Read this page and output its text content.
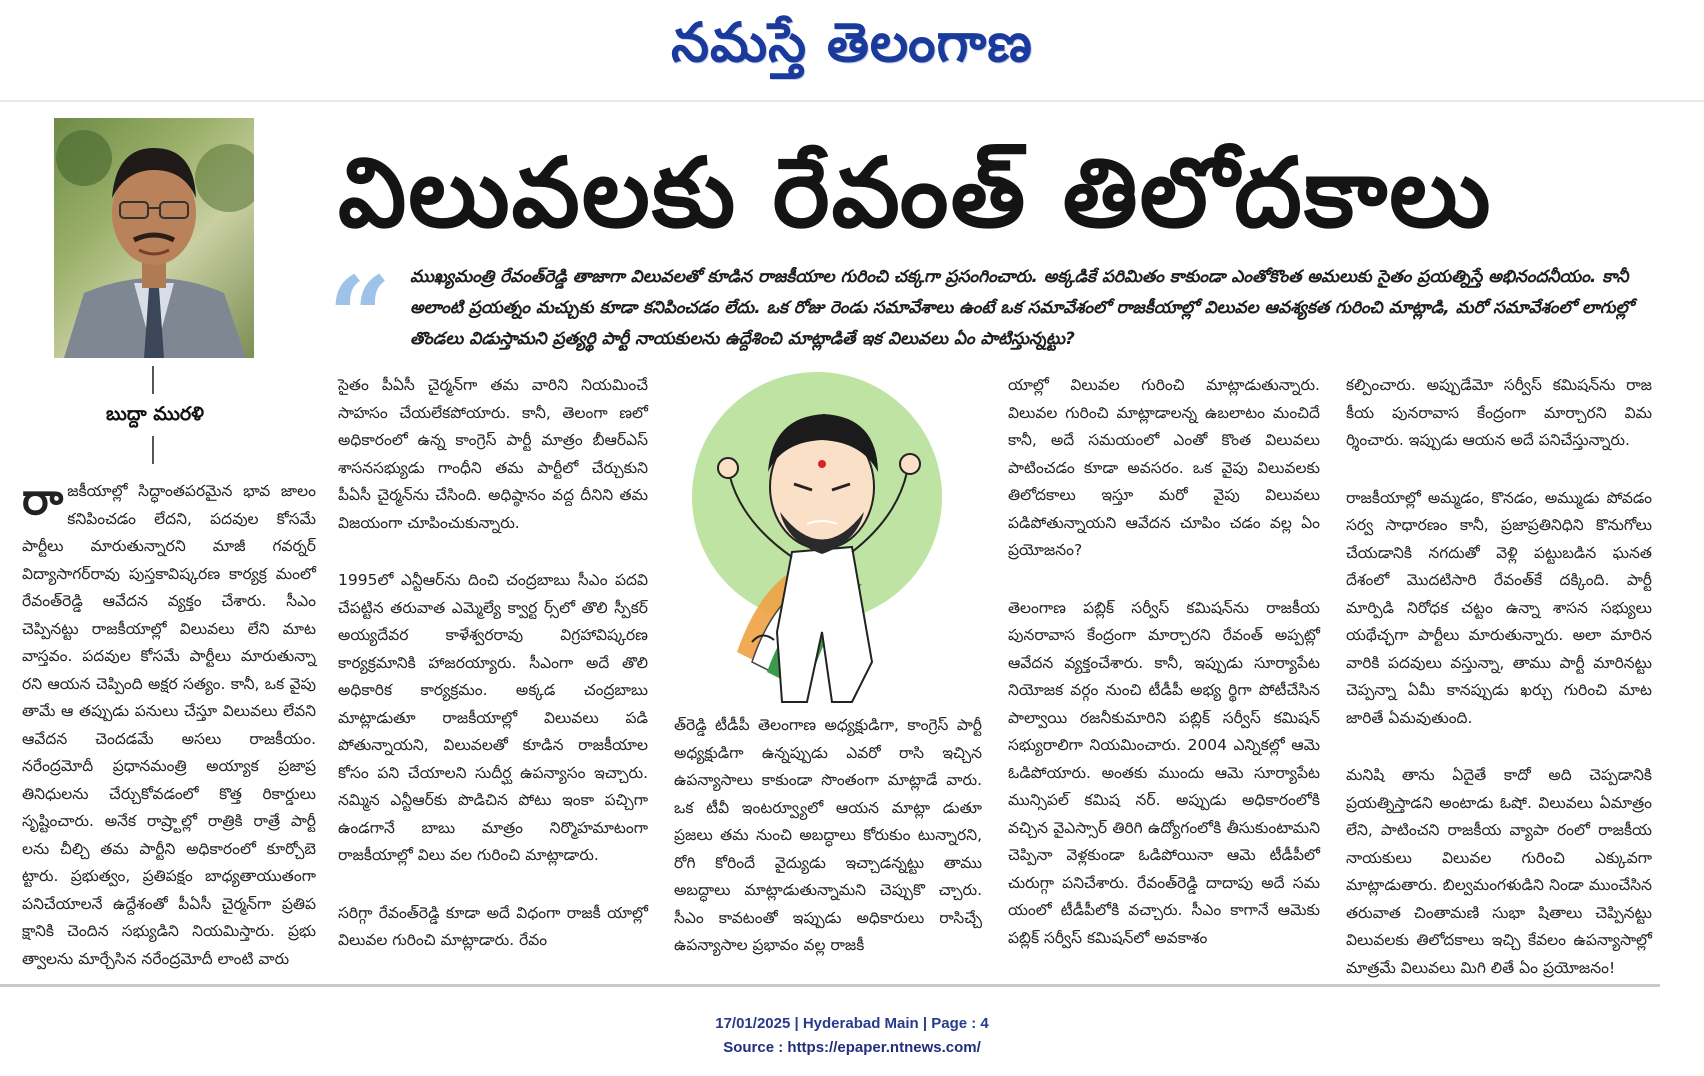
నమస్తే తెలంగాణ
బుద్దా మురళి
విలువలకు రేవంత్ తిలోదకాలు
“ ముఖ్యమంత్రి రేవంత్‌రెడ్డి తాజాగా విలువలతో కూడిన రాజకీయాల గురించి చక్కగా ప్రసంగించారు. అక్కడికే పరిమితం కాకుండా ఎంతోకొంత అమలుకు సైతం ప్రయత్నిస్తే అభినందనీయం. కానీ అలాంటి ప్రయత్నం మచ్చుకు కూడా కనిపించడం లేదు. ఒక రోజు రెండు సమావేశాలు ఉంటే ఒక సమావేశంలో రాజకీయాల్లో విలువల ఆవశ్యకత గురించి మాట్లాడి, మరో సమావేశంలో లాగుల్లో తొండలు విడుస్తామని ప్రత్యర్థి పార్టీ నాయకులను ఉద్దేశించి మాట్లాడితే ఇక విలువలు ఏం పాటిస్తున్నట్టు?

రా జకీయాల్లో సిద్ధాంతపరమైన భావ జాలం కనిపించడం లేదని, పదవుల కోసమే పార్టీలు మారుతున్నారని మాజీ గవర్నర్ విద్యాసాగర్‌రావు పుస్తకావిష్కరణ కార్యక్ర మంలో రేవంత్‌రెడ్డి ఆవేదన వ్యక్తం చేశారు. సీఎం చెప్పినట్టు రాజకీయాల్లో విలువలు లేని మాట వాస్తవం. పదవుల కోసమే పార్టీలు మారుతున్నా రని ఆయన చెప్పింది అక్షర సత్యం. కానీ, ఒక వైపు తామే ఆ తప్పుడు పనులు చేస్తూ విలువలు లేవని ఆవేదన చెందడమే అసలు రాజకీయం. నరేంద్రమోదీ ప్రధానమంత్రి అయ్యాక ప్రజాప్ర తినిధులను చేర్చుకోవడంలో కొత్త రికార్డులు సృష్టించారు. అనేక రాష్ర్టాల్లో రాత్రికి రాత్రే పార్టీ లను చీల్చి తమ పార్టీని అధికారంలో కూర్చోబె ట్టారు. ప్రభుత్వం, ప్రతిపక్షం బాధ్యతాయుతంగా పనిచేయాలనే ఉద్దేశంతో పీఏసీ చైర్మన్‌గా ప్రతిప క్షానికి చెందిన సభ్యుడిని నియమిస్తారు. ప్రభు త్వాలను మార్చేసిన నరేంద్రమోదీ లాంటి వారు

సైతం పీఏసీ చైర్మన్‌గా తమ వారిని నియమించే సాహసం చేయలేకపోయారు. కానీ, తెలంగా ణలో అధికారంలో ఉన్న కాంగ్రెస్ పార్టీ మాత్రం బీఆర్‌ఎస్ శాసనసభ్యుడు గాంధీని తమ పార్టీలో చేర్చుకుని పీఏసీ చైర్మన్‌ను చేసింది. అధిష్ఠానం వద్ద దీనిని తమ విజయంగా చూపించుకున్నారు.

1995లో ఎన్టీఆర్‌ను దించి చంద్రబాబు సీఎం పదవి చేపట్టిన తరువాత ఎమ్మెల్యే క్వార్ట ర్స్‌లో తొలి స్పీకర్ అయ్యదేవర కాళేశ్వరరావు విగ్రహావిష్కరణ కార్యక్రమానికి హాజరయ్యారు. సీఎంగా అదే తొలి అధికారిక కార్యక్రమం. అక్కడ చంద్రబాబు మాట్లాడుతూ రాజకీయాల్లో విలువలు పడి పోతున్నాయని, విలువలతో కూడిన రాజకీయాల కోసం పని చేయాలని సుదీర్ఘ ఉపన్యాసం ఇచ్చారు. నమ్మిన ఎన్టీఆర్‌కు పొడిచిన పోటు ఇంకా పచ్చిగా ఉండగానే బాబు మాత్రం నిర్మొహమాటంగా రాజకీయాల్లో విలు వల గురించి మాట్లాడారు.

సరిగ్గా రేవంత్‌రెడ్డి కూడా అదే విధంగా రాజకీ యాల్లో విలువల గురించి మాట్లాడారు. రేవం

త్‌రెడ్డి టీడీపీ తెలంగాణ అధ్యక్షుడిగా, కాంగ్రెస్ పార్టీ అధ్యక్షుడిగా ఉన్నప్పుడు ఎవరో రాసి ఇచ్చిన ఉపన్యాసాలు కాకుండా సొంతంగా మాట్లాడే వారు. ఒక టీవీ ఇంటర్వ్యూలో ఆయన మాట్లా డుతూ ప్రజలు తమ నుంచి అబద్ధాలు కోరుకుం టున్నారని, రోగి కోరిందే వైద్యుడు ఇచ్చాడన్నట్టు తాము అబద్ధాలు మాట్లాడుతున్నామని చెప్పుకొ చ్చారు. సీఎం కావటంతో ఇప్పుడు అధికారులు రాసిచ్చే ఉపన్యాసాల ప్రభావం వల్ల రాజకీ

యాల్లో విలువల గురించి మాట్లాడుతున్నారు. విలువల గురించి మాట్లాడాలన్న ఉబలాటం మంచిదే కానీ, అదే సమయంలో ఎంతో కొంత విలువలు పాటించడం కూడా అవసరం. ఒక వైపు విలువలకు తిలోదకాలు ఇస్తూ మరో వైపు విలువలు పడిపోతున్నాయని ఆవేదన చూపిం చడం వల్ల ఏం ప్రయోజనం?

తెలంగాణ పబ్లిక్ సర్వీస్ కమిషన్‌ను రాజకీయ పునరావాస కేంద్రంగా మార్చారని రేవంత్ అప్పట్లో ఆవేదన వ్యక్తంచేశారు. కానీ, ఇప్పుడు సూర్యాపేట నియోజక వర్గం నుంచి టీడీపీ అభ్య ర్థిగా పోటీచేసిన పాల్వాయి రజనీకుమారిని పబ్లిక్ సర్వీస్ కమిషన్ సభ్యురాలిగా నియమించారు. 2004 ఎన్నికల్లో ఆమె ఓడిపోయారు. అంతకు ముందు ఆమె సూర్యాపేట మున్సిపల్ కమిష నర్. అప్పుడు అధికారంలోకి వచ్చిన వైఎస్సార్ తిరిగి ఉద్యోగంలోకి తీసుకుంటామని చెప్పినా వెళ్లకుండా ఓడిపోయినా ఆమె టీడీపీలో చురుగ్గా పనిచేశారు. రేవంత్‌రెడ్డి దాదాపు అదే సమ యంలో టీడీపీలోకి వచ్చారు. సీఎం కాగానే ఆమెకు పబ్లిక్ సర్వీస్ కమిషన్‌లో అవకాశం

కల్పించారు. అప్పుడేమో సర్వీస్ కమిషన్‌ను రాజ కీయ పునరావాస కేంద్రంగా మార్చారని విమ ర్శించారు. ఇప్పుడు ఆయన అదే పనిచేస్తున్నారు.

రాజకీయాల్లో అమ్మడం, కొనడం, అమ్ముడు పోవడం సర్వ సాధారణం కానీ, ప్రజాప్రతినిధిని కొనుగోలు చేయడానికి నగదుతో వెళ్లి పట్టుబడిన ఘనత దేశంలో మొదటిసారి రేవంత్‌కే దక్కింది. పార్టీ మార్పిడి నిరోధక చట్టం ఉన్నా శాసన సభ్యులు యథేచ్ఛగా పార్టీలు మారుతున్నారు. అలా మారిన వారికి పదవులు వస్తున్నా, తాము పార్టీ మారినట్టు చెప్పన్నా ఏమీ కానప్పుడు ఖర్చు గురించి మాట జారితే ఏమవుతుంది.

మనిషి తాను ఏదైతే కాదో అది చెప్పడానికి ప్రయత్నిస్తాడని అంటాడు ఓషో. విలువలు ఏమాత్రం లేని, పాటించని రాజకీయ వ్యాపా రంలో రాజకీయ నాయకులు విలువల గురించి ఎక్కువగా మాట్లాడుతారు. బిల్వమంగళుడిని నిండా ముంచేసిన తరువాత చింతామణి సుభా షితాలు చెప్పినట్టు విలువలకు తిలోదకాలు ఇచ్చి కేవలం ఉపన్యాసాల్లో మాత్రమే విలువలు మిగి లితే ఏం ప్రయోజనం!

17/01/2025 | Hyderabad Main | Page : 4
Source : https://epaper.ntnews.com/
